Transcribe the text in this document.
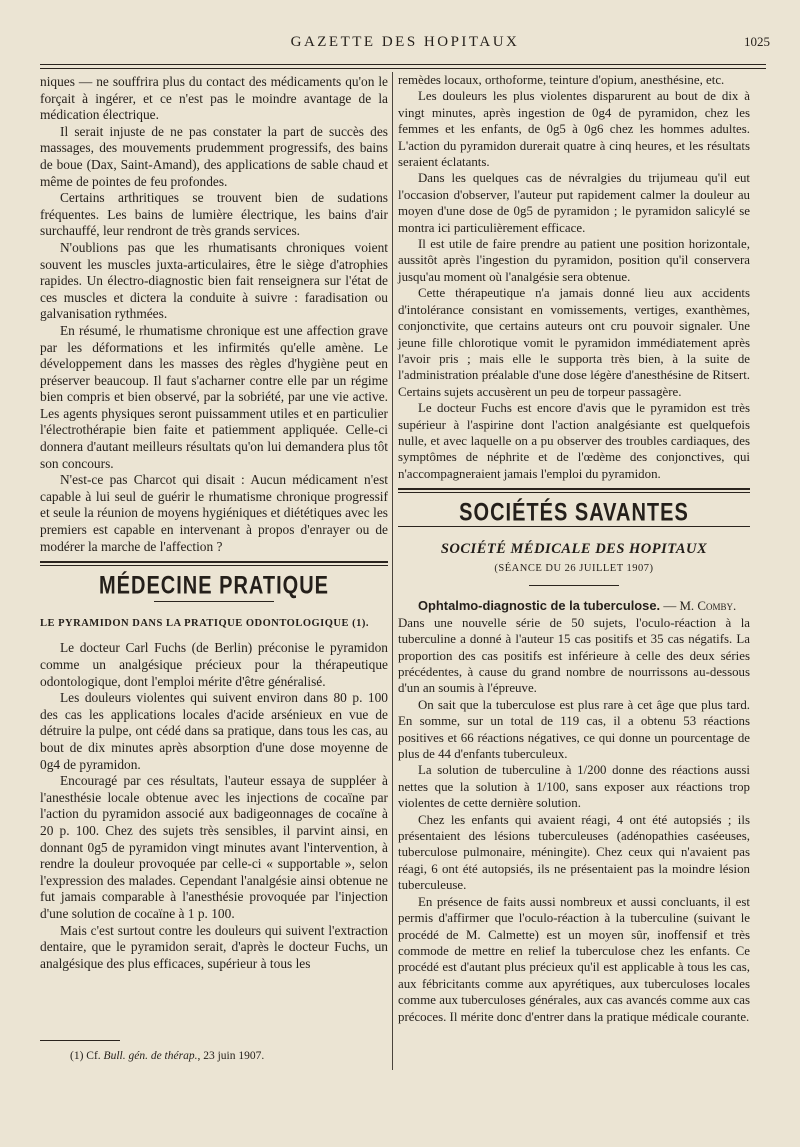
GAZETTE DES HOPITAUX	1025

niques — ne souffrira plus du contact des médicaments qu'on le forçait à ingérer, et ce n'est pas le moindre avantage de la médication électrique.

Il serait injuste de ne pas constater la part de succès des massages, des mouvements prudemment progressifs, des bains de boue (Dax, Saint-Amand), des applications de sable chaud et même de pointes de feu profondes.

Certains arthritiques se trouvent bien de sudations fréquentes. Les bains de lumière électrique, les bains d'air surchauffé, leur rendront de très grands services.

N'oublions pas que les rhumatisants chroniques voient souvent les muscles juxta-articulaires, être le siège d'atrophies rapides. Un électro-diagnostic bien fait renseignera sur l'état de ces muscles et dictera la conduite à suivre : faradisation ou galvanisation rythmées.

En résumé, le rhumatisme chronique est une affection grave par les déformations et les infirmités qu'elle amène. Le développement dans les masses des règles d'hygiène peut en préserver beaucoup. Il faut s'acharner contre elle par un régime bien compris et bien observé, par la sobriété, par une vie active. Les agents physiques seront puissamment utiles et en particulier l'électrothérapie bien faite et patiemment appliquée. Celle-ci donnera d'autant meilleurs résultats qu'on lui demandera plus tôt son concours.

N'est-ce pas Charcot qui disait : Aucun médicament n'est capable à lui seul de guérir le rhumatisme chronique progressif et seule la réunion de moyens hygiéniques et diététiques avec les premiers est capable en intervenant à propos d'enrayer ou de modérer la marche de l'affection ?

MÉDECINE PRATIQUE
LE PYRAMIDON DANS LA PRATIQUE ODONTOLOGIQUE (1).

Le docteur Carl Fuchs (de Berlin) préconise le pyramidon comme un analgésique précieux pour la thérapeutique odontologique, dont l'emploi mérite d'être généralisé.

Les douleurs violentes qui suivent environ dans 80 p. 100 des cas les applications locales d'acide arsénieux en vue de détruire la pulpe, ont cédé dans sa pratique, dans tous les cas, au bout de dix minutes après absorption d'une dose moyenne de 0g4 de pyramidon.

Encouragé par ces résultats, l'auteur essaya de suppléer à l'anesthésie locale obtenue avec les injections de cocaïne par l'action du pyramidon associé aux badigeonnages de cocaïne à 20 p. 100. Chez des sujets très sensibles, il parvint ainsi, en donnant 0g5 de pyramidon vingt minutes avant l'intervention, à rendre la douleur provoquée par celle-ci « supportable », selon l'expression des malades. Cependant l'analgésie ainsi obtenue ne fut jamais comparable à l'anesthésie provoquée par l'injection d'une solution de cocaïne à 1 p. 100.

Mais c'est surtout contre les douleurs qui suivent l'extraction dentaire, que le pyramidon serait, d'après le docteur Fuchs, un analgésique des plus efficaces, supérieur à tous les

remèdes locaux, orthoforme, teinture d'opium, anesthésine, etc.

Les douleurs les plus violentes disparurent au bout de dix à vingt minutes, après ingestion de 0g4 de pyramidon, chez les femmes et les enfants, de 0g5 à 0g6 chez les hommes adultes. L'action du pyramidon durerait quatre à cinq heures, et les résultats seraient éclatants.

Dans les quelques cas de névralgies du trijumeau qu'il eut l'occasion d'observer, l'auteur put rapidement calmer la douleur au moyen d'une dose de 0g5 de pyramidon ; le pyramidon salicylé se montra ici particulièrement efficace.

Il est utile de faire prendre au patient une position horizontale, aussitôt après l'ingestion du pyramidon, position qu'il conservera jusqu'au moment où l'analgésie sera obtenue.

Cette thérapeutique n'a jamais donné lieu aux accidents d'intolérance consistant en vomissements, vertiges, exanthèmes, conjonctivite, que certains auteurs ont cru pouvoir signaler. Une jeune fille chlorotique vomit le pyramidon immédiatement après l'avoir pris ; mais elle le supporta très bien, à la suite de l'administration préalable d'une dose légère d'anesthésine de Ritsert. Certains sujets accusèrent un peu de torpeur passagère.

Le docteur Fuchs est encore d'avis que le pyramidon est très supérieur à l'aspirine dont l'action analgésiante est quelquefois nulle, et avec laquelle on a pu observer des troubles cardiaques, des symptômes de néphrite et de l'œdème des conjonctives, qui n'accompagneraient jamais l'emploi du pyramidon.

SOCIÉTÉS SAVANTES
SOCIÉTÉ MÉDICALE DES HOPITAUX
(SÉANCE DU 26 JUILLET 1907)

Ophtalmo-diagnostic de la tuberculose. — M. Comby.

Dans une nouvelle série de 50 sujets, l'oculo-réaction à la tuberculine a donné à l'auteur 15 cas positifs et 35 cas négatifs. La proportion des cas positifs est inférieure à celle des deux séries précédentes, à cause du grand nombre de nourrissons au-dessous d'un an soumis à l'épreuve.

On sait que la tuberculose est plus rare à cet âge que plus tard. En somme, sur un total de 119 cas, il a obtenu 53 réactions positives et 66 réactions négatives, ce qui donne un pourcentage de plus de 44 d'enfants tuberculeux.

La solution de tuberculine à 1/200 donne des réactions aussi nettes que la solution à 1/100, sans exposer aux réactions trop violentes de cette dernière solution.

Chez les enfants qui avaient réagi, 4 ont été autopsiés ; ils présentaient des lésions tuberculeuses (adénopathies caséeuses, tuberculose pulmonaire, méningite). Chez ceux qui n'avaient pas réagi, 6 ont été autopsiés, ils ne présentaient pas la moindre lésion tuberculeuse.

En présence de faits aussi nombreux et aussi concluants, il est permis d'affirmer que l'oculo-réaction à la tuberculine (suivant le procédé de M. Calmette) est un moyen sûr, inoffensif et très commode de mettre en relief la tuberculose chez les enfants. Ce procédé est d'autant plus précieux qu'il est applicable à tous les cas, aux fébricitants comme aux apyrétiques, aux tuberculoses locales comme aux tuberculoses générales, aux cas avancés comme aux cas précoces. Il mérite donc d'entrer dans la pratique médicale courante.

(1) Cf. Bull. gén. de thérap., 23 juin 1907.
